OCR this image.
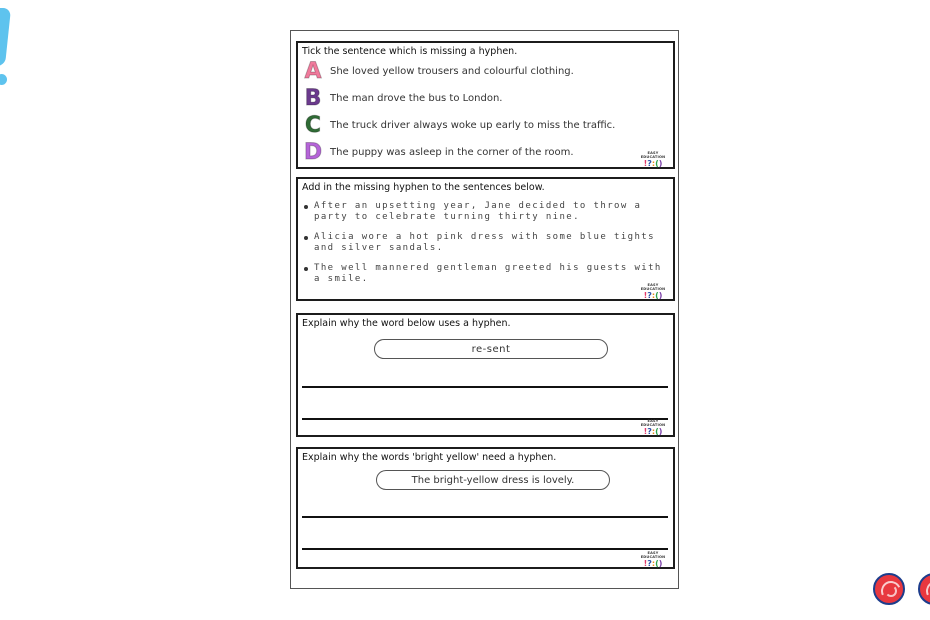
Tick the sentence which is missing a hyphen.
A She loved yellow trousers and colourful clothing.
B The man drove the bus to London.
C The truck driver always woke up early to miss the traffic.
D The puppy was asleep in the corner of the room.	EASY EDUCATION
!?:()
Add in the missing hyphen to the sentences below.
After an upsetting year, Jane decided to throw a party to celebrate turning thirty nine.
Alicia wore a hot pink dress with some blue tights and silver sandals.
The well mannered gentleman greeted his guests with a smile.
EASY EDUCATION
!?:()
Explain why the word below uses a hyphen.
re-sent
EASY EDUCATION
!?:()
Explain why the words 'bright yellow' need a hyphen.
The bright-yellow dress is lovely.
EASY EDUCATION
!?:()
